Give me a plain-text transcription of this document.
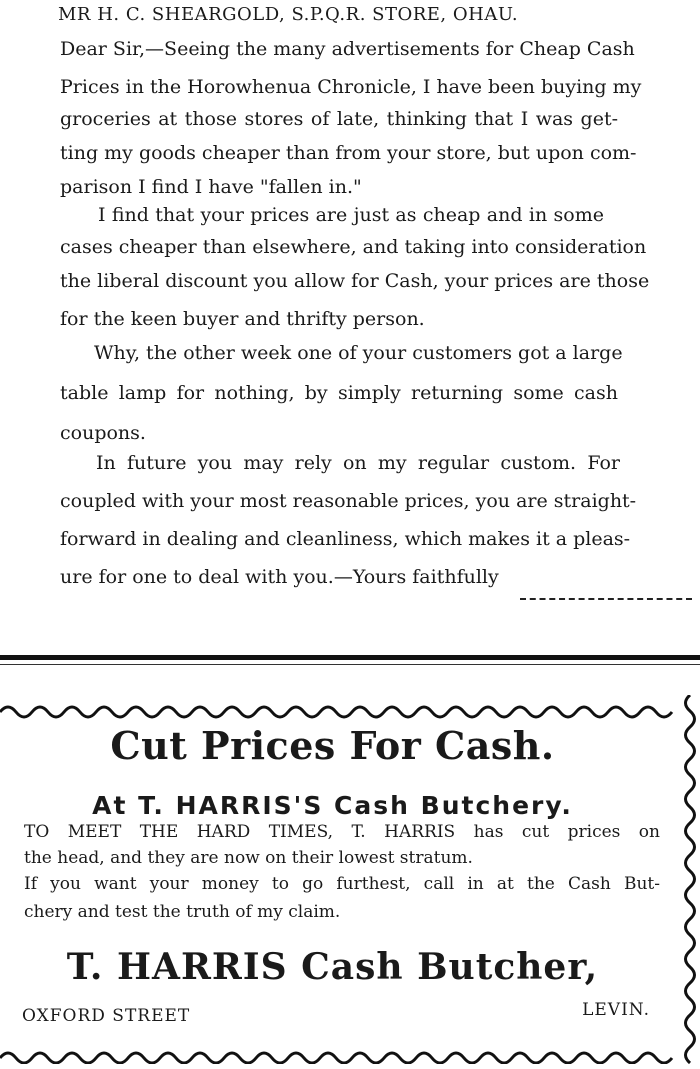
MR H. C. SHEARGOLD, S.P.Q.R. STORE, OHAU.
Dear Sir,—Seeing the many advertisements for Cheap Cash
Prices in the Horowhenua Chronicle, I have been buying my
groceries at those stores of late, thinking that I was get-
ting my goods cheaper than from your store, but upon com-
parison I find I have "fallen in."
I find that your prices are just as cheap and in some
cases cheaper than elsewhere, and taking into consideration
the liberal discount you allow for Cash, your prices are those
for the keen buyer and thrifty person.
Why, the other week one of your customers got a large
table lamp for nothing, by simply returning some cash
coupons.
In future you may rely on my regular custom. For
coupled with your most reasonable prices, you are straight-
forward in dealing and cleanliness, which makes it a pleas-
ure for one to deal with you.—Yours faithfully
Cut Prices For Cash.
At T. HARRIS'S Cash Butchery.
TO MEET THE HARD TIMES, T. HARRIS has cut prices on
the head, and they are now on their lowest stratum.
If you want your money to go furthest, call in at the Cash But-
chery and test the truth of my claim.
T. HARRIS Cash Butcher,
OXFORD STREET	LEVIN.
